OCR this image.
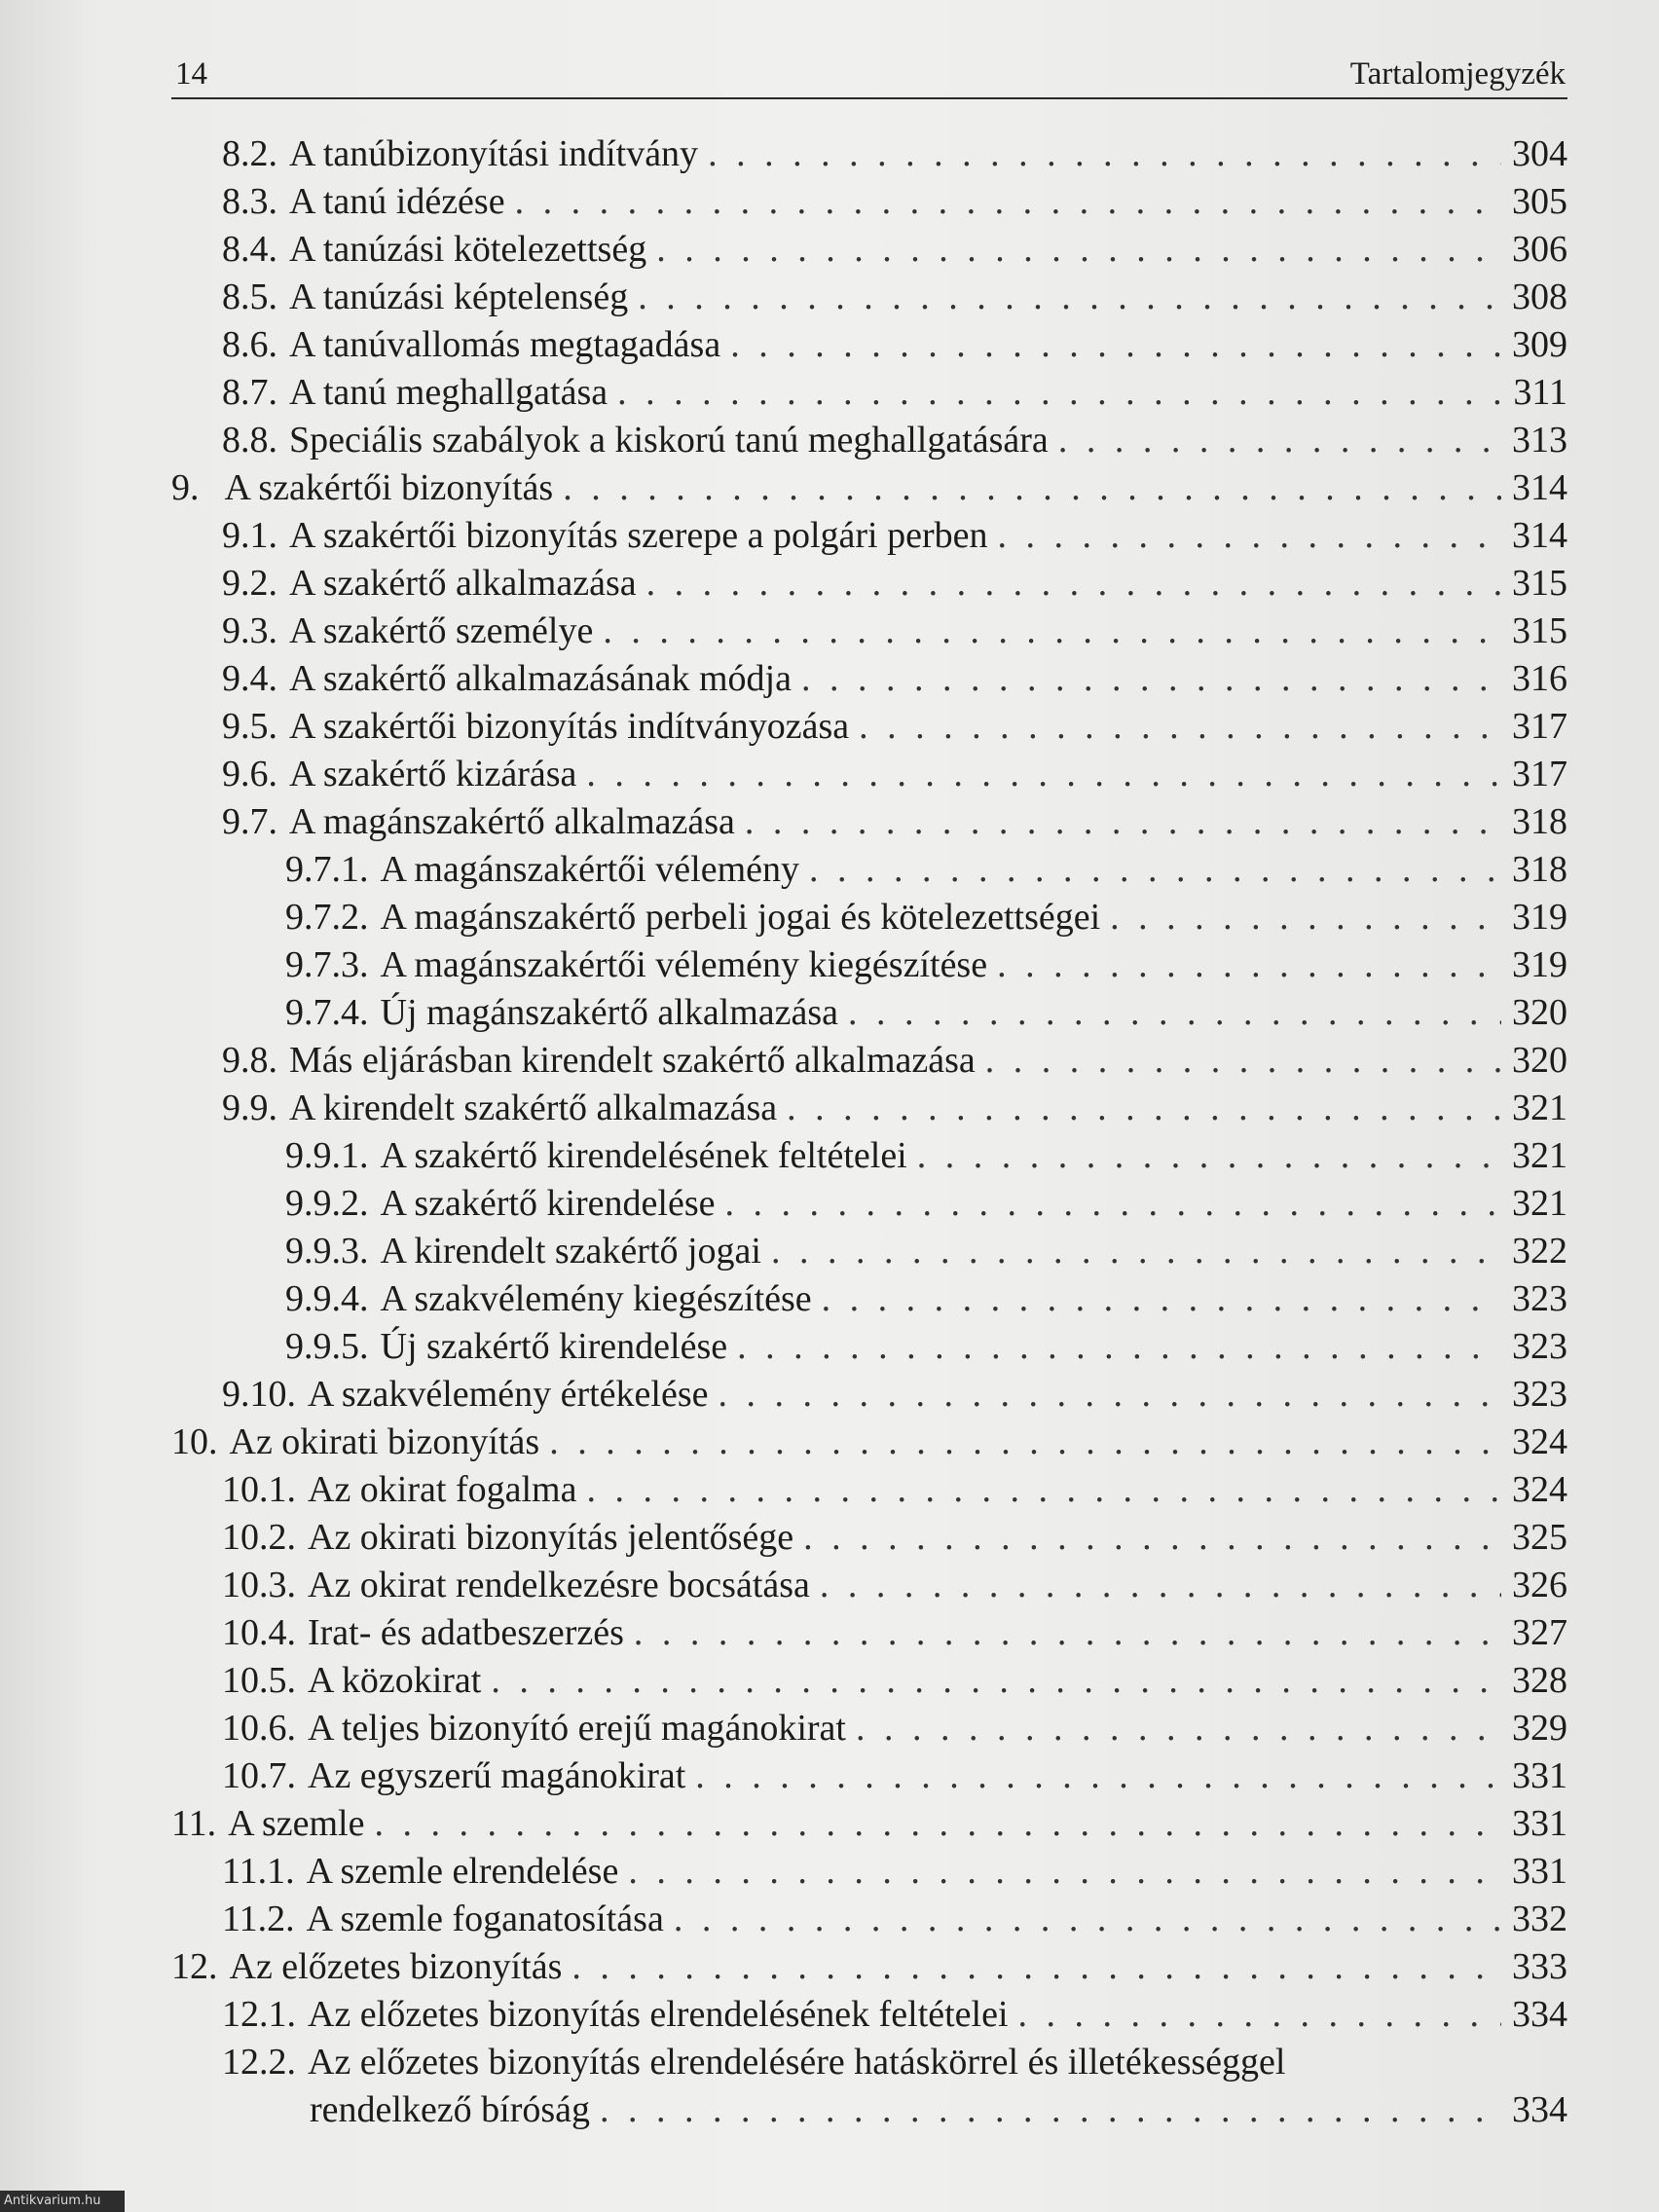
14	Tartalomjegyzék
8.2. A tanúbizonyítási indítvány . . .	304
8.3. A tanú idézése . . .	305
8.4. A tanúzási kötelezettség . . .	306
8.5. A tanúzási képtelenség . . .	308
8.6. A tanúvallomás megtagadása . . .	309
8.7. A tanú meghallgatása . . .	311
8.8. Speciális szabályok a kiskorú tanú meghallgatására . . .	313
9. A szakértői bizonyítás . . .	314
9.1. A szakértői bizonyítás szerepe a polgári perben . . .	314
9.2. A szakértő alkalmazása . . .	315
9.3. A szakértő személye . . .	315
9.4. A szakértő alkalmazásának módja . . .	316
9.5. A szakértői bizonyítás indítványozása . . .	317
9.6. A szakértő kizárása . . .	317
9.7. A magánszakértő alkalmazása . . .	318
9.7.1. A magánszakértői vélemény . . .	318
9.7.2. A magánszakértő perbeli jogai és kötelezettségei . . .	319
9.7.3. A magánszakértői vélemény kiegészítése . . .	319
9.7.4. Új magánszakértő alkalmazása . . .	320
9.8. Más eljárásban kirendelt szakértő alkalmazása . . .	320
9.9. A kirendelt szakértő alkalmazása . . .	321
9.9.1. A szakértő kirendelésének feltételei . . .	321
9.9.2. A szakértő kirendelése . . .	321
9.9.3. A kirendelt szakértő jogai . . .	322
9.9.4. A szakvélemény kiegészítése . . .	323
9.9.5. Új szakértő kirendelése . . .	323
9.10. A szakvélemény értékelése . . .	323
10. Az okirati bizonyítás . . .	324
10.1. Az okirat fogalma . . .	324
10.2. Az okirati bizonyítás jelentősége . . .	325
10.3. Az okirat rendelkezésre bocsátása . . .	326
10.4. Irat- és adatbeszerzés . . .	327
10.5. A közokirat . . .	328
10.6. A teljes bizonyító erejű magánokirat . . .	329
10.7. Az egyszerű magánokirat . . .	331
11. A szemle . . .	331
11.1. A szemle elrendelése . . .	331
11.2. A szemle foganatosítása . . .	332
12. Az előzetes bizonyítás . . .	333
12.1. Az előzetes bizonyítás elrendelésének feltételei . . .	334
12.2. Az előzetes bizonyítás elrendelésére hatáskörrel és illetékességgel
rendelkező bíróság . . .	334
Antikvarium.hu
